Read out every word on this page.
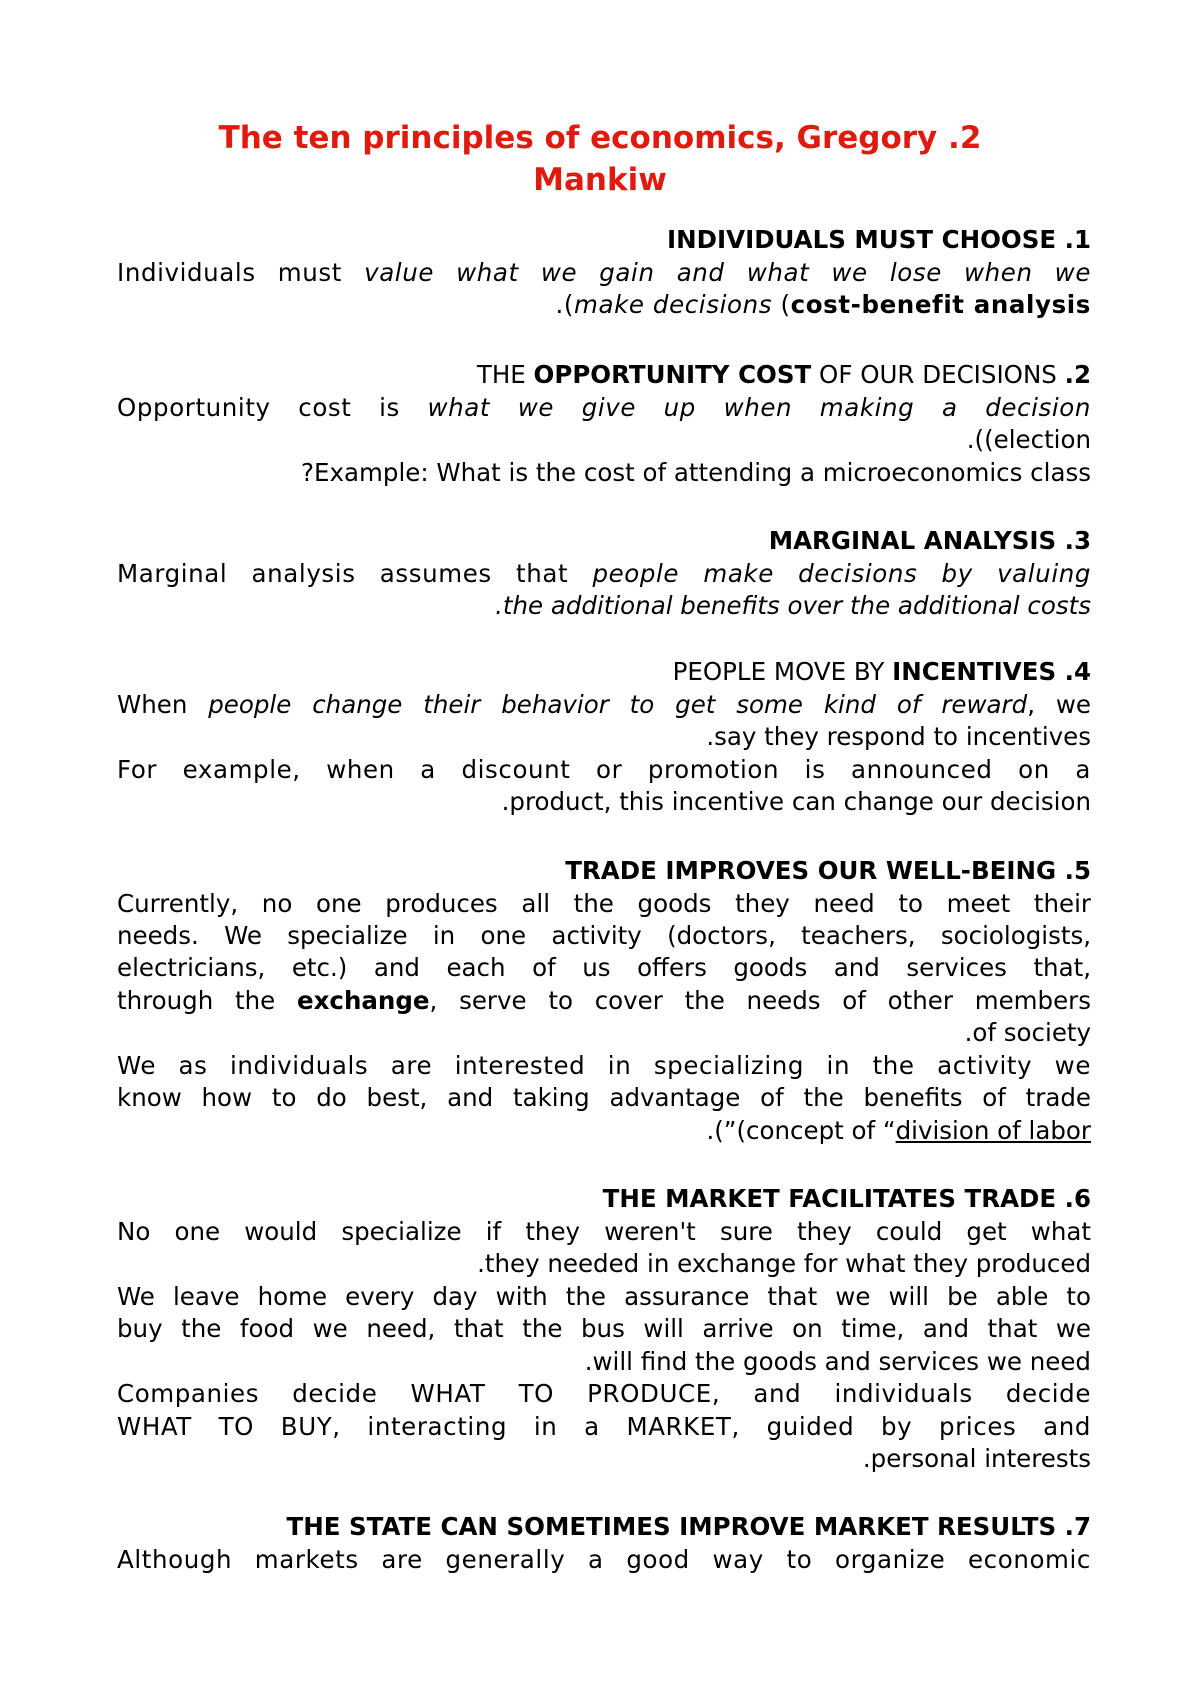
The ten principles of economics, Gregory .2
Mankiw
INDIVIDUALS MUST CHOOSE .1
Individuals must value what we gain and what we lose when we
.(make decisions (cost-benefit analysis
THE OPPORTUNITY COST OF OUR DECISIONS .2
Opportunity cost is what we give up when making a decision
.((election
?Example: What is the cost of attending a microeconomics class
MARGINAL ANALYSIS .3
Marginal analysis assumes that people make decisions by valuing
.the additional benefits over the additional costs
PEOPLE MOVE BY INCENTIVES .4
When people change their behavior to get some kind of reward, we
.say they respond to incentives
For example, when a discount or promotion is announced on a
.product, this incentive can change our decision
TRADE IMPROVES OUR WELL-BEING .5
Currently, no one produces all the goods they need to meet their
needs. We specialize in one activity (doctors, teachers, sociologists,
electricians, etc.) and each of us offers goods and services that,
through the exchange, serve to cover the needs of other members
.of society
We as individuals are interested in specializing in the activity we
know how to do best, and taking advantage of the benefits of trade
.(”(concept of “division of labor
THE MARKET FACILITATES TRADE .6
No one would specialize if they weren't sure they could get what
.they needed in exchange for what they produced
We leave home every day with the assurance that we will be able to
buy the food we need, that the bus will arrive on time, and that we
.will find the goods and services we need
Companies decide WHAT TO PRODUCE, and individuals decide
WHAT TO BUY, interacting in a MARKET, guided by prices and
.personal interests
THE STATE CAN SOMETIMES IMPROVE MARKET RESULTS .7
Although markets are generally a good way to organize economic
